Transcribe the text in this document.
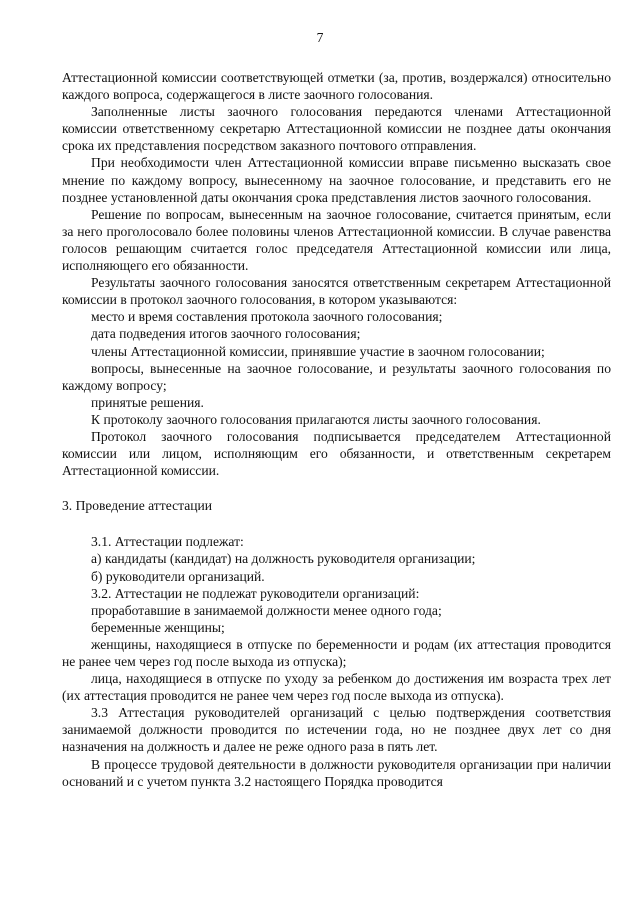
7
Аттестационной комиссии соответствующей отметки (за, против, воздержался) относительно каждого вопроса, содержащегося в листе заочного голосования.
Заполненные листы заочного голосования передаются членами Аттестационной комиссии ответственному секретарю Аттестационной комиссии не позднее даты окончания срока их представления посредством заказного почтового отправления.
При необходимости член Аттестационной комиссии вправе письменно высказать свое мнение по каждому вопросу, вынесенному на заочное голосование, и представить его не позднее установленной даты окончания срока представления листов заочного голосования.
Решение по вопросам, вынесенным на заочное голосование, считается принятым, если за него проголосовало более половины членов Аттестационной комиссии. В случае равенства голосов решающим считается голос председателя Аттестационной комиссии или лица, исполняющего его обязанности.
Результаты заочного голосования заносятся ответственным секретарем Аттестационной комиссии в протокол заочного голосования, в котором указываются:
место и время составления протокола заочного голосования;
дата подведения итогов заочного голосования;
члены Аттестационной комиссии, принявшие участие в заочном голосовании;
вопросы, вынесенные на заочное голосование, и результаты заочного голосования по каждому вопросу;
принятые решения.
К протоколу заочного голосования прилагаются листы заочного голосования.
Протокол заочного голосования подписывается председателем Аттестационной комиссии или лицом, исполняющим его обязанности, и ответственным секретарем Аттестационной комиссии.
3. Проведение аттестации
3.1. Аттестации подлежат:
а) кандидаты (кандидат) на должность руководителя организации;
б) руководители организаций.
3.2. Аттестации не подлежат руководители организаций:
проработавшие в занимаемой должности менее одного года;
беременные женщины;
женщины, находящиеся в отпуске по беременности и родам (их аттестация проводится не ранее чем через год после выхода из отпуска);
лица, находящиеся в отпуске по уходу за ребенком до достижения им возраста трех лет (их аттестация проводится не ранее чем через год после выхода из отпуска).
3.3 Аттестация руководителей организаций с целью подтверждения соответствия занимаемой должности проводится по истечении года, но не позднее двух лет со дня назначения на должность и далее не реже одного раза в пять лет.
В процессе трудовой деятельности в должности руководителя организации при наличии оснований и с учетом пункта 3.2 настоящего Порядка проводится
